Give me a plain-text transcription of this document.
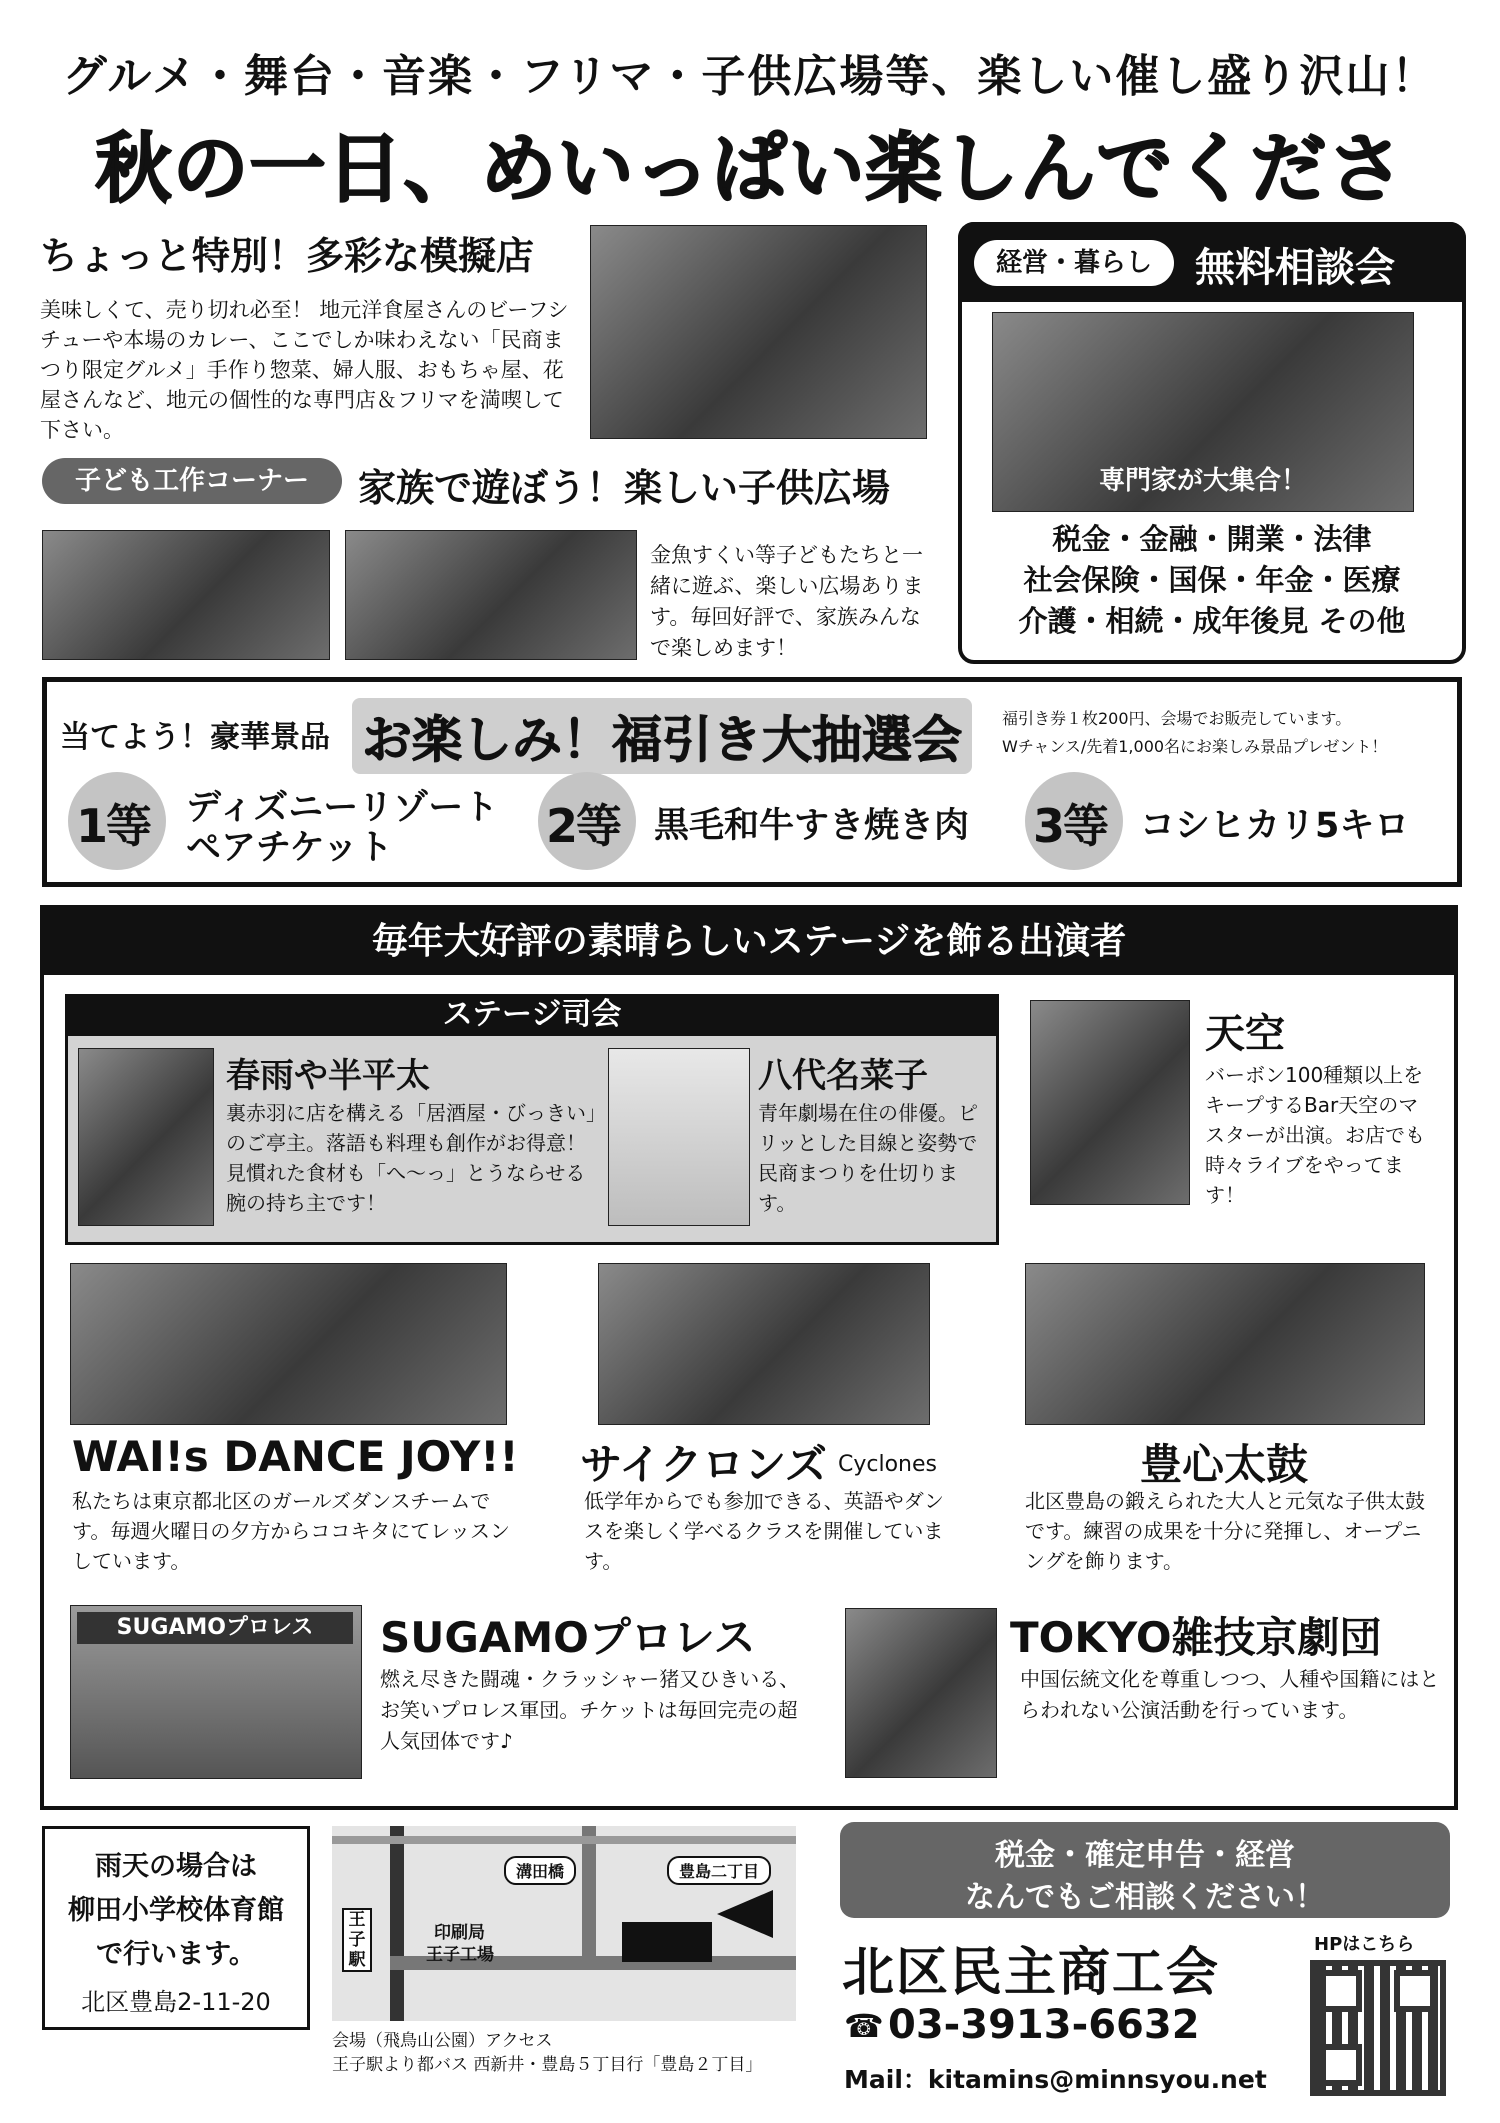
グルメ・舞台・音楽・フリマ・子供広場等、楽しい催し盛り沢山！
秋の一日、めいっぱい楽しんでくださ
ちょっと特別！多彩な模擬店
美味しくて、売り切れ必至！ 地元洋食屋さんのビーフシチューや本場のカレー、ここでしか味わえない「民商まつり限定グルメ」手作り惣菜、婦人服、おもちゃ屋、花屋さんなど、地元の個性的な専門店＆フリマを満喫して下さい。
経営・暮らし	無料相談会
専門家が大集合！
税金・金融・開業・法律
社会保険・国保・年金・医療
介護・相続・成年後見 その他
子ども工作コーナー	家族で遊ぼう！楽しい子供広場
金魚すくい等子どもたちと一緒に遊ぶ、楽しい広場あります。毎回好評で、家族みんなで楽しめます！
当てよう！豪華景品 お楽しみ！福引き大抽選会	福引き券１枚200円、会場でお販売しています。
Wチャンス/先着1,000名にお楽しみ景品プレゼント！
1等 ディズニーリゾート
ペアチケット	2等 黒毛和牛すき焼き肉 3等 コシヒカリ5キロ
毎年大好評の素晴らしいステージを飾る出演者
ステージ司会
春雨や半平太
裏赤羽に店を構える「居酒屋・びっきい」のご亭主。落語も料理も創作がお得意！見慣れた食材も「へ〜っ」とうならせる腕の持ち主です！
八代名菜子
青年劇場在住の俳優。ピリッとした目線と姿勢で民商まつりを仕切ります。
天空
バーボン100種類以上をキープするBar天空のマスターが出演。お店でも時々ライブをやってます！
WAI!s DANCE JOY!!
私たちは東京都北区のガールズダンスチームです。毎週火曜日の夕方からココキタにてレッスンしています。
サイクロンズ Cyclones
低学年からでも参加できる、英語やダンスを楽しく学べるクラスを開催しています。
豊心太鼓
北区豊島の鍛えられた大人と元気な子供太鼓です。練習の成果を十分に発揮し、オープニングを飾ります。
SUGAMOプロレス	SUGAMOプロレス
燃え尽きた闘魂・クラッシャー猪又ひきいる、お笑いプロレス軍団。チケットは毎回完売の超人気団体です♪
TOKYO雑技京劇団
中国伝統文化を尊重しつつ、人種や国籍にはとらわれない公演活動を行っています。
雨天の場合は
柳田小学校体育館
で行います。
北区豊島2-11-20
溝田橋	豊島二丁目
王子駅
印刷局
王子工場
会場（飛鳥山公園）アクセス
王子駅より都バス 西新井・豊島５丁目行「豊島２丁目」
税金・確定申告・経営
なんでもご相談ください！
北区民主商工会
☎ 03-3913-6632
Mail：kitamins@minnsyou.net
HPはこちら
